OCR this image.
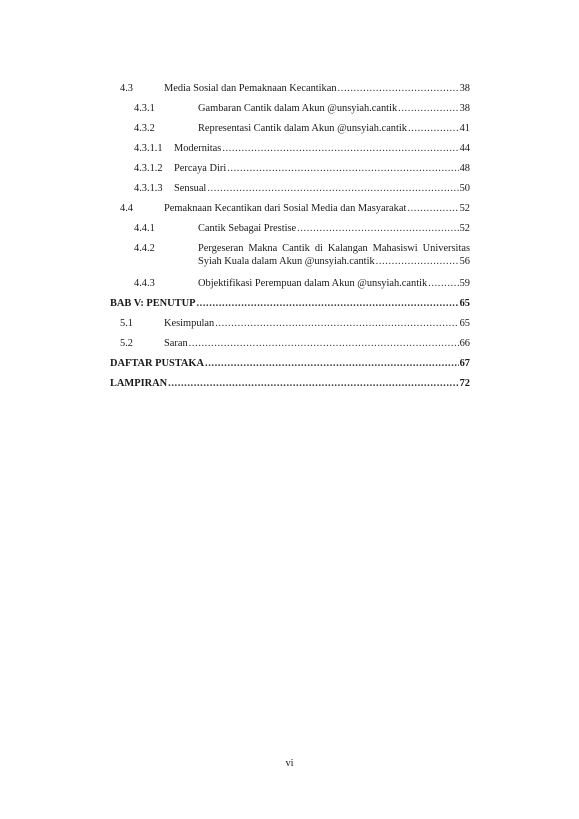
4.3	Media Sosial dan Pemaknaan Kecantikan .....	38
4.3.1	Gambaran Cantik dalam Akun @unsyiah.cantik .....	38
4.3.2	Representasi Cantik dalam Akun @unsyiah.cantik .....	41
4.3.1.1	Modernitas .....	44
4.3.1.2	Percaya Diri .....	48
4.3.1.3	Sensual .....	50
4.4	Pemaknaan Kecantikan dari Sosial Media dan Masyarakat .....	52
4.4.1	Cantik Sebagai Prestise .....	52
4.4.2	Pergeseran Makna Cantik di Kalangan Mahasiswi Universitas
Syiah Kuala dalam Akun @unsyiah.cantik .....	56
4.4.3	Objektifikasi Perempuan dalam Akun @unsyiah.cantik .....	59
BAB V: PENUTUP .....	65
5.1	Kesimpulan .....	65
5.2	Saran .....	66
DAFTAR PUSTAKA .....	67
LAMPIRAN .....	72
vi
